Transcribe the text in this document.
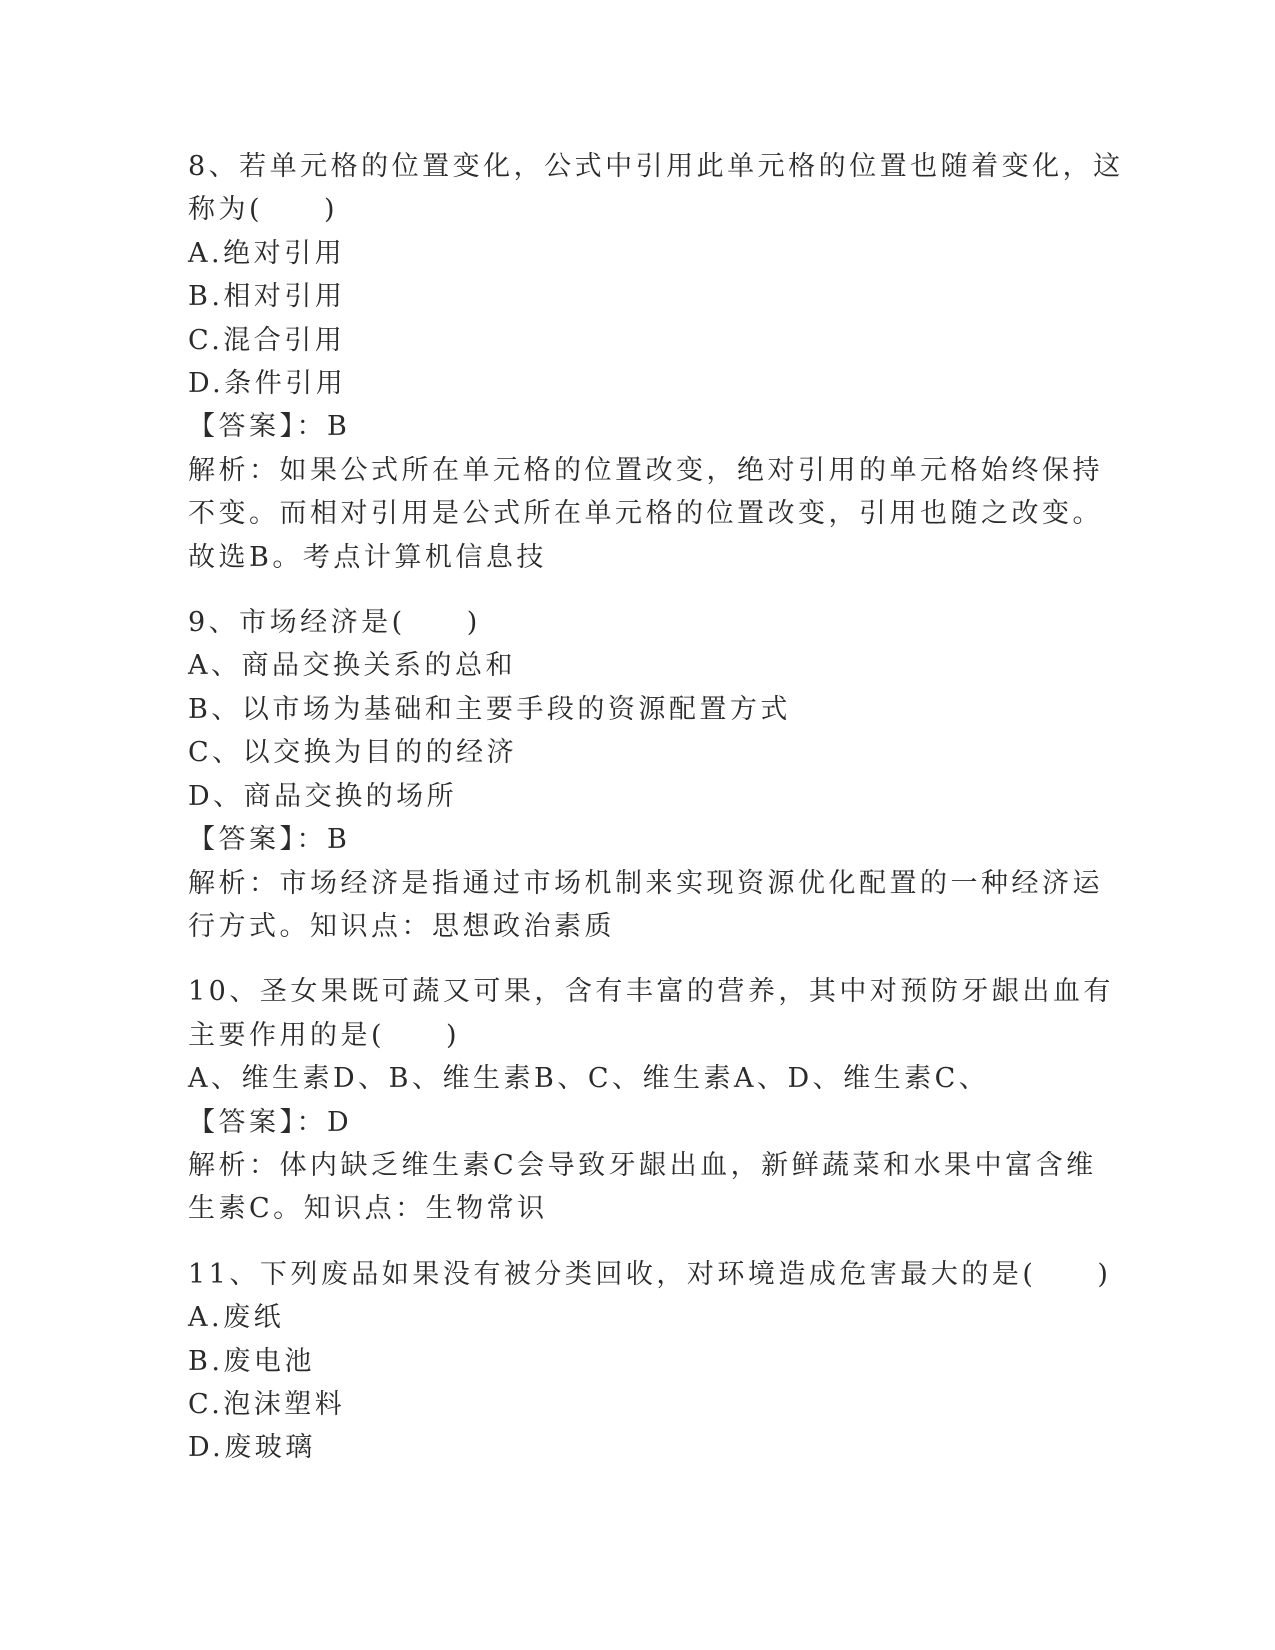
8、若单元格的位置变化，公式中引用此单元格的位置也随着变化，这
称为(　　)
A.绝对引用
B.相对引用
C.混合引用
D.条件引用
【答案】：B
解析：如果公式所在单元格的位置改变，绝对引用的单元格始终保持
不变。而相对引用是公式所在单元格的位置改变，引用也随之改变。
故选B。考点计算机信息技
9、市场经济是(　　)
A、商品交换关系的总和
B、以市场为基础和主要手段的资源配置方式
C、以交换为目的的经济
D、商品交换的场所
【答案】：B
解析：市场经济是指通过市场机制来实现资源优化配置的一种经济运
行方式。知识点：思想政治素质
10、圣女果既可蔬又可果，含有丰富的营养，其中对预防牙龈出血有
主要作用的是(　　)
A、维生素D、B、维生素B、C、维生素A、D、维生素C、
【答案】：D
解析：体内缺乏维生素C会导致牙龈出血，新鲜蔬菜和水果中富含维
生素C。知识点：生物常识
11、下列废品如果没有被分类回收，对环境造成危害最大的是(　　)
A.废纸
B.废电池
C.泡沫塑料
D.废玻璃
